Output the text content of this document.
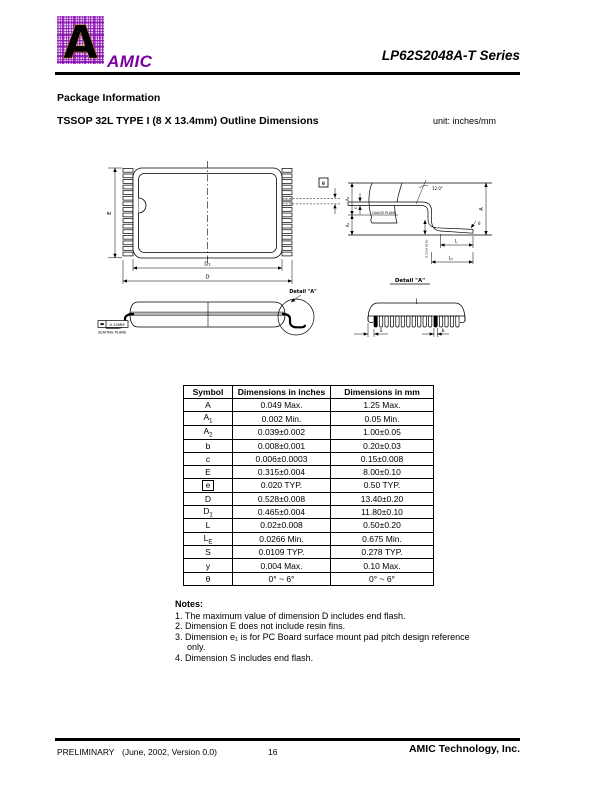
A AMIC	LP62S2048A-T Series
Package Information
TSSOP 32L TYPE I (8 X 13.4mm) Outline Dimensions	unit: inches/mm
E
D₁
D
e
GAUGE PLANE
12.0°
A
A₂
A₁
c
0.25(0.010)
θ
L
Lₑ
Detail "A"
Detail "A"
0.10MM
SEATING PLANE	S	b
Symbol	Dimensions in inches	Dimensions in mm
A	0.049 Max.	1.25 Max.
$A_1$	0.002 Min.	0.05 Min.
$A_2$	0.039±0.002	1.00±0.05
b	0.008±0.001	0.20±0.03
c	0.006±0.0003	0.15±0.008
E	0.315±0.004	8.00±0.10
e	0.020 TYP.	0.50 TYP.
D	0.528±0.008	13.40±0.20
$D_1$	0.465±0.004	11.80±0.10
L	0.02±0.008	0.50±0.20
$L_E$	0.0266 Min.	0.675 Min.
S	0.0109 TYP.	0.278 TYP.
y	0.004 Max.	0.10 Max.
θ	0° ~ 6°	0° ~ 6°
Notes:
1. The maximum value of dimension D includes end flash.
2. Dimension E does not include resin fins.
3. Dimension e₁ is for PC Board surface mount pad pitch design reference only.
4. Dimension S includes end flash.
PRELIMINARY (June, 2002, Version 0.0)	16	AMIC Technology, Inc.
